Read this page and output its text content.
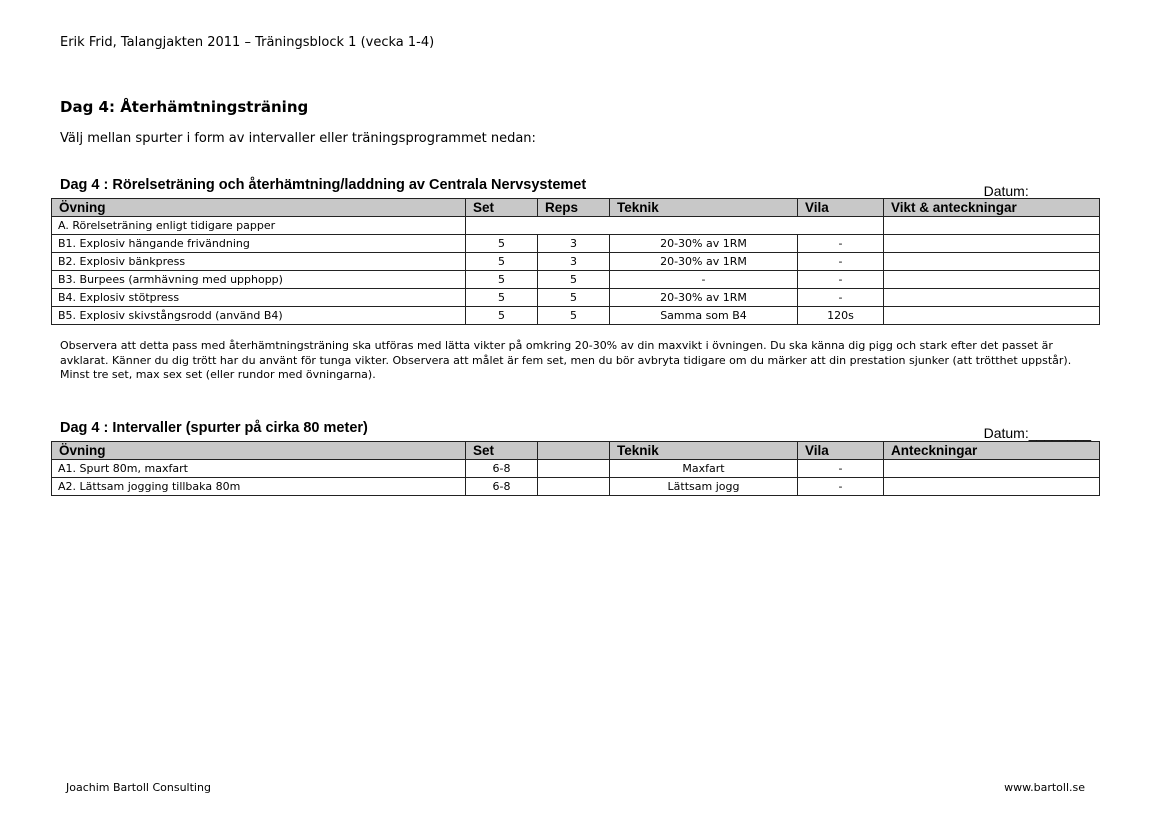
Erik Frid, Talangjakten 2011 – Träningsblock 1 (vecka 1-4)
Dag 4: Återhämtningsträning
Välj mellan spurter i form av intervaller eller träningsprogrammet nedan:
Dag 4 : Rörelseträning och återhämtning/laddning av Centrala Nervsystemet	Datum:________
Övning	Set	Reps	Teknik	Vila	Vikt & anteckningar
A. Rörelseträning enligt tidigare papper					
B1. Explosiv hängande frivändning	5	3	20-30% av 1RM	-	
B2. Explosiv bänkpress	5	3	20-30% av 1RM	-	
B3. Burpees (armhävning med upphopp)	5	5	-	-	
B4. Explosiv stötpress	5	5	20-30% av 1RM	-	
B5. Explosiv skivstångsrodd (använd B4)	5	5	Samma som B4	120s	
Observera att detta pass med återhämtningsträning ska utföras med lätta vikter på omkring 20-30% av din maxvikt i övningen. Du ska känna dig pigg och stark efter det passet är avklarat. Känner du dig trött har du använt för tunga vikter. Observera att målet är fem set, men du bör avbryta tidigare om du märker att din prestation sjunker (att trötthet uppstår). Minst tre set, max sex set (eller rundor med övningarna).
Dag 4 : Intervaller (spurter på cirka 80 meter)	Datum:________
Övning	Set		Teknik	Vila	Anteckningar
A1. Spurt 80m, maxfart	6-8		Maxfart	-	
A2. Lättsam jogging tillbaka 80m	6-8		Lättsam jogg	-	
Joachim Bartoll Consulting	www.bartoll.se
